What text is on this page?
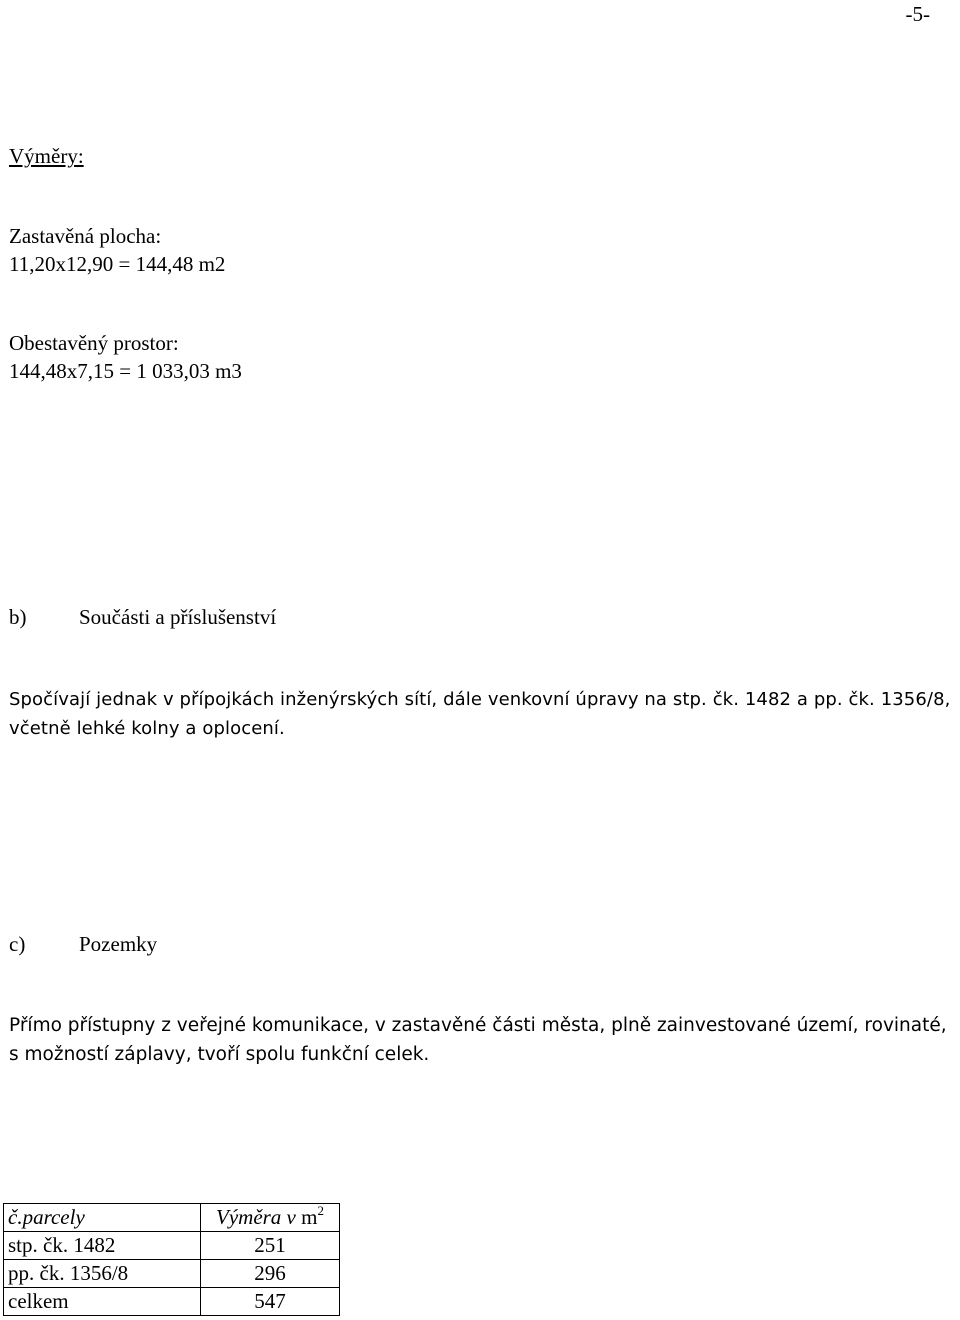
-5-
Výměry:
Zastavěná plocha:
11,20x12,90 = 144,48 m2
Obestavěný prostor:
144,48x7,15 = 1 033,03 m3
b)	Součásti a příslušenství
Spočívají jednak v přípojkách inženýrských sítí, dále venkovní úpravy na stp. čk. 1482 a pp. čk. 1356/8, včetně lehké kolny a oplocení.
c)	Pozemky
Přímo přístupny z veřejné komunikace, v zastavěné části města, plně zainvestované území, rovinaté, s možností záplavy, tvoří spolu funkční celek.
č.parcely	Výměra v $m^2$
stp. čk. 1482	251
pp. čk. 1356/8	296
celkem	547
